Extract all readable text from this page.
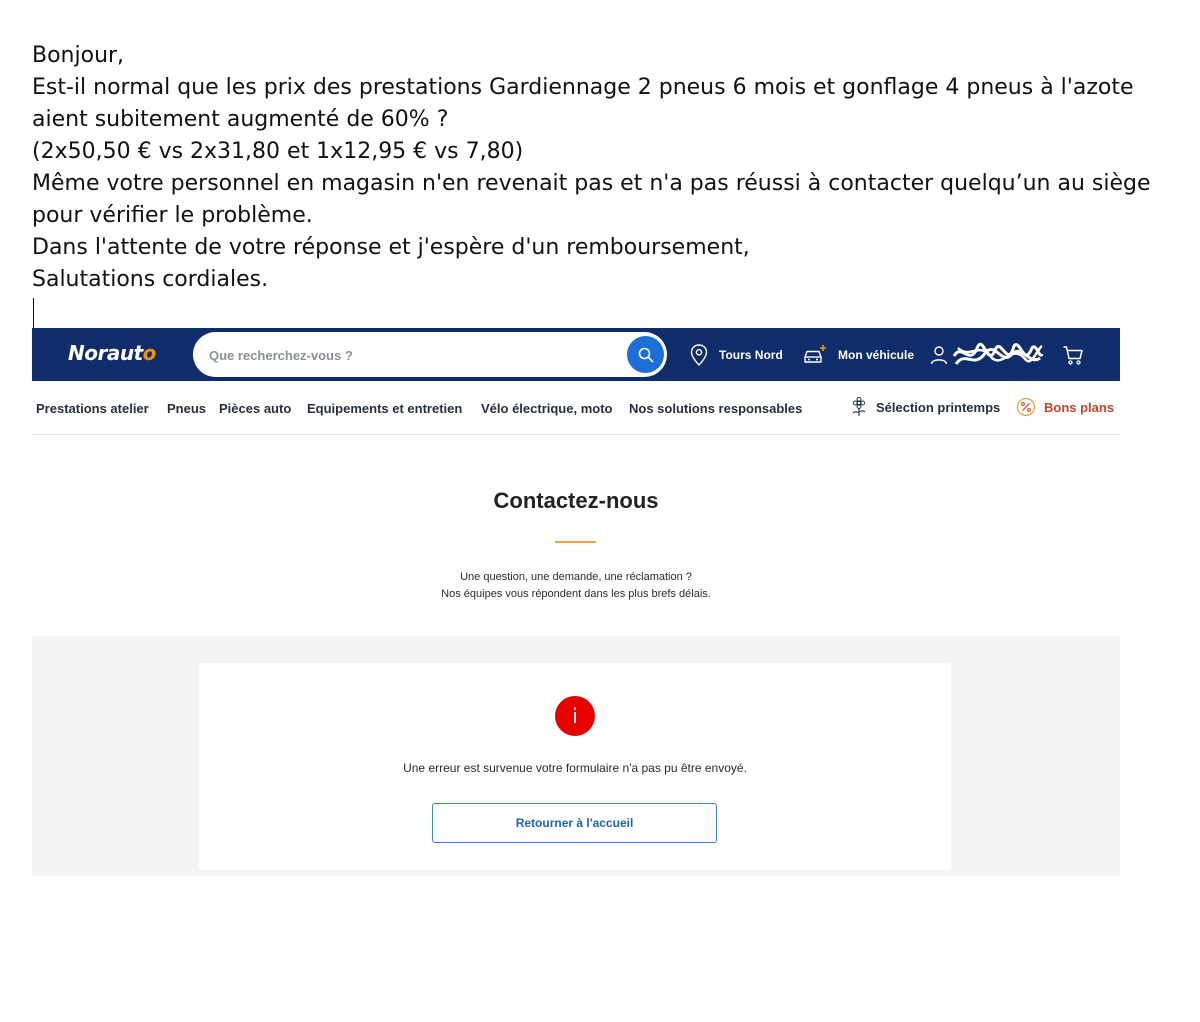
Bonjour,

Est-il normal que les prix des prestations Gardiennage 2 pneus 6 mois et gonflage 4 pneus à l'azote aient subitement augmenté de 60% ?

(2x50,50 € vs 2x31,80 et 1x12,95 € vs 7,80)

Même votre personnel en magasin n'en revenait pas et n'a pas réussi à contacter quelqu’un au siège pour vérifier le problème.

Dans l'attente de votre réponse et j'espère d'un remboursement,

Salutations cordiales.

Norauto
Que recherchez-vous ?	Tours Nord	Mon véhicule
Prestations atelier Pneus Pièces auto Equipements et entretien Vélo électrique, moto Nos solutions responsables	Sélection printemps	Bons plans
Contactez-nous
Une question, une demande, une réclamation ?
Nos équipes vous répondent dans les plus brefs délais.
i
Une erreur est survenue votre formulaire n'a pas pu être envoyé.
Retourner à l'accueil
